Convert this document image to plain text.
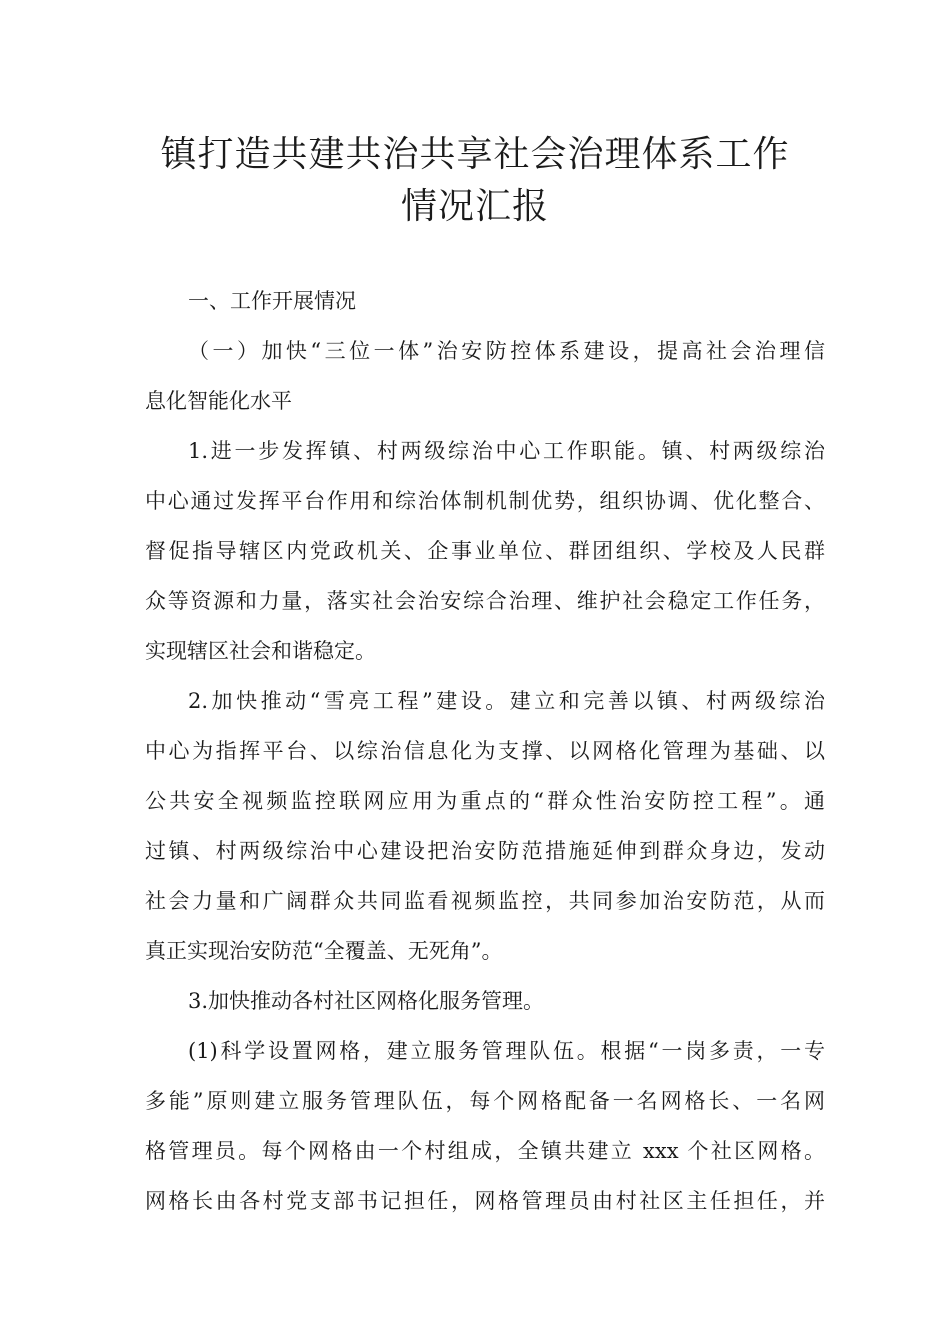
镇打造共建共治共享社会治理体系工作
情况汇报
一、工作开展情况
（一）加快“三位一体”治安防控体系建设，提高社会治理信
息化智能化水平
1.进一步发挥镇、村两级综治中心工作职能。镇、村两级综治
中心通过发挥平台作用和综治体制机制优势，组织协调、优化整合、
督促指导辖区内党政机关、企事业单位、群团组织、学校及人民群
众等资源和力量，落实社会治安综合治理、维护社会稳定工作任务，
实现辖区社会和谐稳定。
2.加快推动“雪亮工程”建设。建立和完善以镇、村两级综治
中心为指挥平台、以综治信息化为支撑、以网格化管理为基础、以
公共安全视频监控联网应用为重点的“群众性治安防控工程”。通
过镇、村两级综治中心建设把治安防范措施延伸到群众身边，发动
社会力量和广阔群众共同监看视频监控，共同参加治安防范，从而
真正实现治安防范“全覆盖、无死角”。
3.加快推动各村社区网格化服务管理。
(1)科学设置网格，建立服务管理队伍。根据“一岗多责，一专
多能”原则建立服务管理队伍，每个网格配备一名网格长、一名网
格管理员。每个网格由一个村组成，全镇共建立 xxx 个社区网格。
网格长由各村党支部书记担任，网格管理员由村社区主任担任，并
